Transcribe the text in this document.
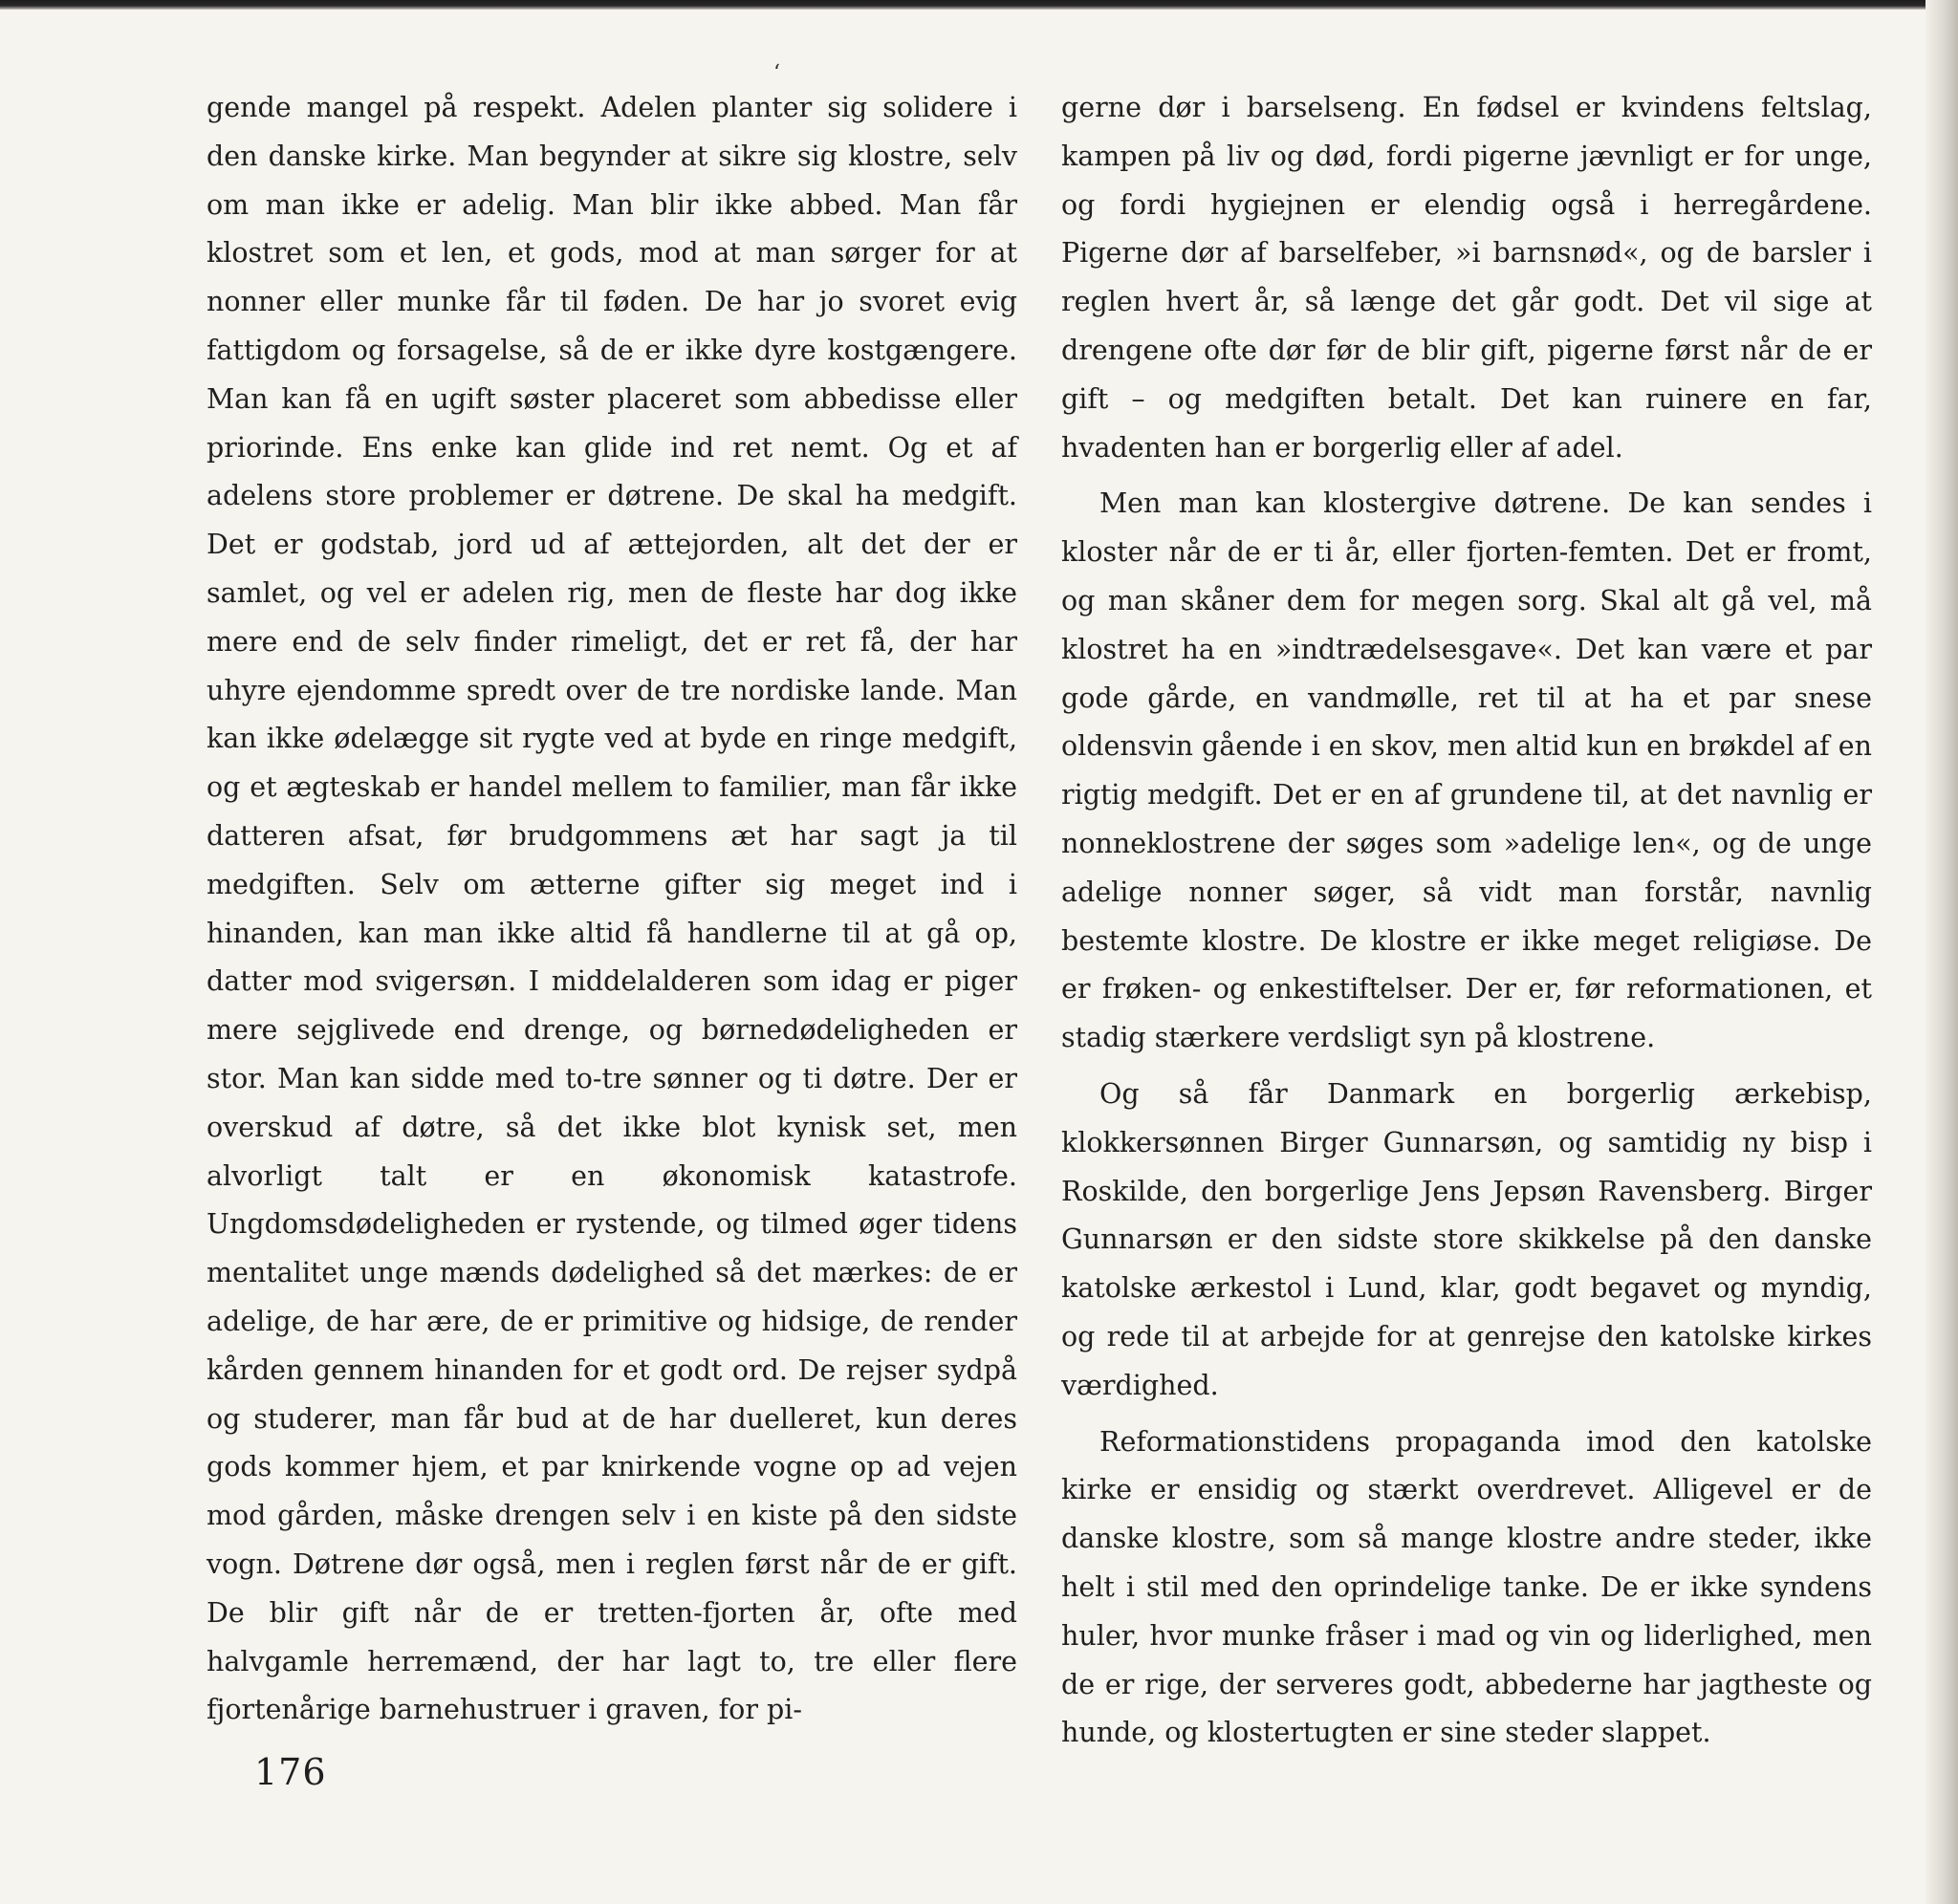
‘

gende mangel på respekt. Adelen planter sig solidere i den danske kirke. Man begynder at sikre sig klostre, selv om man ikke er adelig. Man blir ikke abbed. Man får klostret som et len, et gods, mod at man sørger for at nonner eller munke får til føden. De har jo svoret evig fattigdom og forsagelse, så de er ikke dyre kostgængere. Man kan få en ugift søster placeret som abbedisse eller priorinde. Ens enke kan glide ind ret nemt. Og et af adelens store problemer er døtrene. De skal ha medgift. Det er godstab, jord ud af ættejorden, alt det der er samlet, og vel er adelen rig, men de fleste har dog ikke mere end de selv finder rimeligt, det er ret få, der har uhyre ejendomme spredt over de tre nordiske lande. Man kan ikke ødelægge sit rygte ved at byde en ringe medgift, og et ægteskab er handel mellem to familier, man får ikke datteren afsat, før brudgommens æt har sagt ja til medgiften. Selv om ætterne gifter sig meget ind i hinanden, kan man ikke altid få handlerne til at gå op, datter mod svigersøn. I middelalderen som idag er piger mere sejglivede end drenge, og børnedødeligheden er stor. Man kan sidde med to-tre sønner og ti døtre. Der er overskud af døtre, så det ikke blot kynisk set, men alvorligt talt er en økonomisk katastrofe. Ungdomsdødeligheden er rystende, og tilmed øger tidens mentalitet unge mænds dødelighed så det mærkes: de er adelige, de har ære, de er primitive og hidsige, de render kården gennem hinanden for et godt ord. De rejser sydpå og studerer, man får bud at de har duelleret, kun deres gods kommer hjem, et par knirkende vogne op ad vejen mod gården, måske drengen selv i en kiste på den sidste vogn. Døtrene dør også, men i reglen først når de er gift. De blir gift når de er tretten-fjorten år, ofte med halvgamle herremænd, der har lagt to, tre eller flere fjortenårige barnehustruer i graven, for pi-

gerne dør i barselseng. En fødsel er kvindens feltslag, kampen på liv og død, fordi pigerne jævnligt er for unge, og fordi hygiejnen er elendig også i herregårdene. Pigerne dør af barselfeber, »i barnsnød«, og de barsler i reglen hvert år, så længe det går godt. Det vil sige at drengene ofte dør før de blir gift, pigerne først når de er gift – og medgiften betalt. Det kan ruinere en far, hvadenten han er borgerlig eller af adel.

Men man kan klostergive døtrene. De kan sendes i kloster når de er ti år, eller fjorten-femten. Det er fromt, og man skåner dem for megen sorg. Skal alt gå vel, må klostret ha en »indtrædelsesgave«. Det kan være et par gode gårde, en vandmølle, ret til at ha et par snese oldensvin gående i en skov, men altid kun en brøkdel af en rigtig medgift. Det er en af grundene til, at det navnlig er nonneklostrene der søges som »adelige len«, og de unge adelige nonner søger, så vidt man forstår, navnlig bestemte klostre. De klostre er ikke meget religiøse. De er frøken- og enkestiftelser. Der er, før reformationen, et stadig stærkere verdsligt syn på klostrene.

Og så får Danmark en borgerlig ærkebisp, klokkersønnen Birger Gunnarsøn, og samtidig ny bisp i Roskilde, den borgerlige Jens Jepsøn Ravensberg. Birger Gunnarsøn er den sidste store skikkelse på den danske katolske ærkestol i Lund, klar, godt begavet og myndig, og rede til at arbejde for at genrejse den katolske kirkes værdighed.

Reformationstidens propaganda imod den katolske kirke er ensidig og stærkt overdrevet. Alligevel er de danske klostre, som så mange klostre andre steder, ikke helt i stil med den oprindelige tanke. De er ikke syndens huler, hvor munke fråser i mad og vin og liderlighed, men de er rige, der serveres godt, abbederne har jagtheste og hunde, og klostertugten er sine steder slappet.

176
